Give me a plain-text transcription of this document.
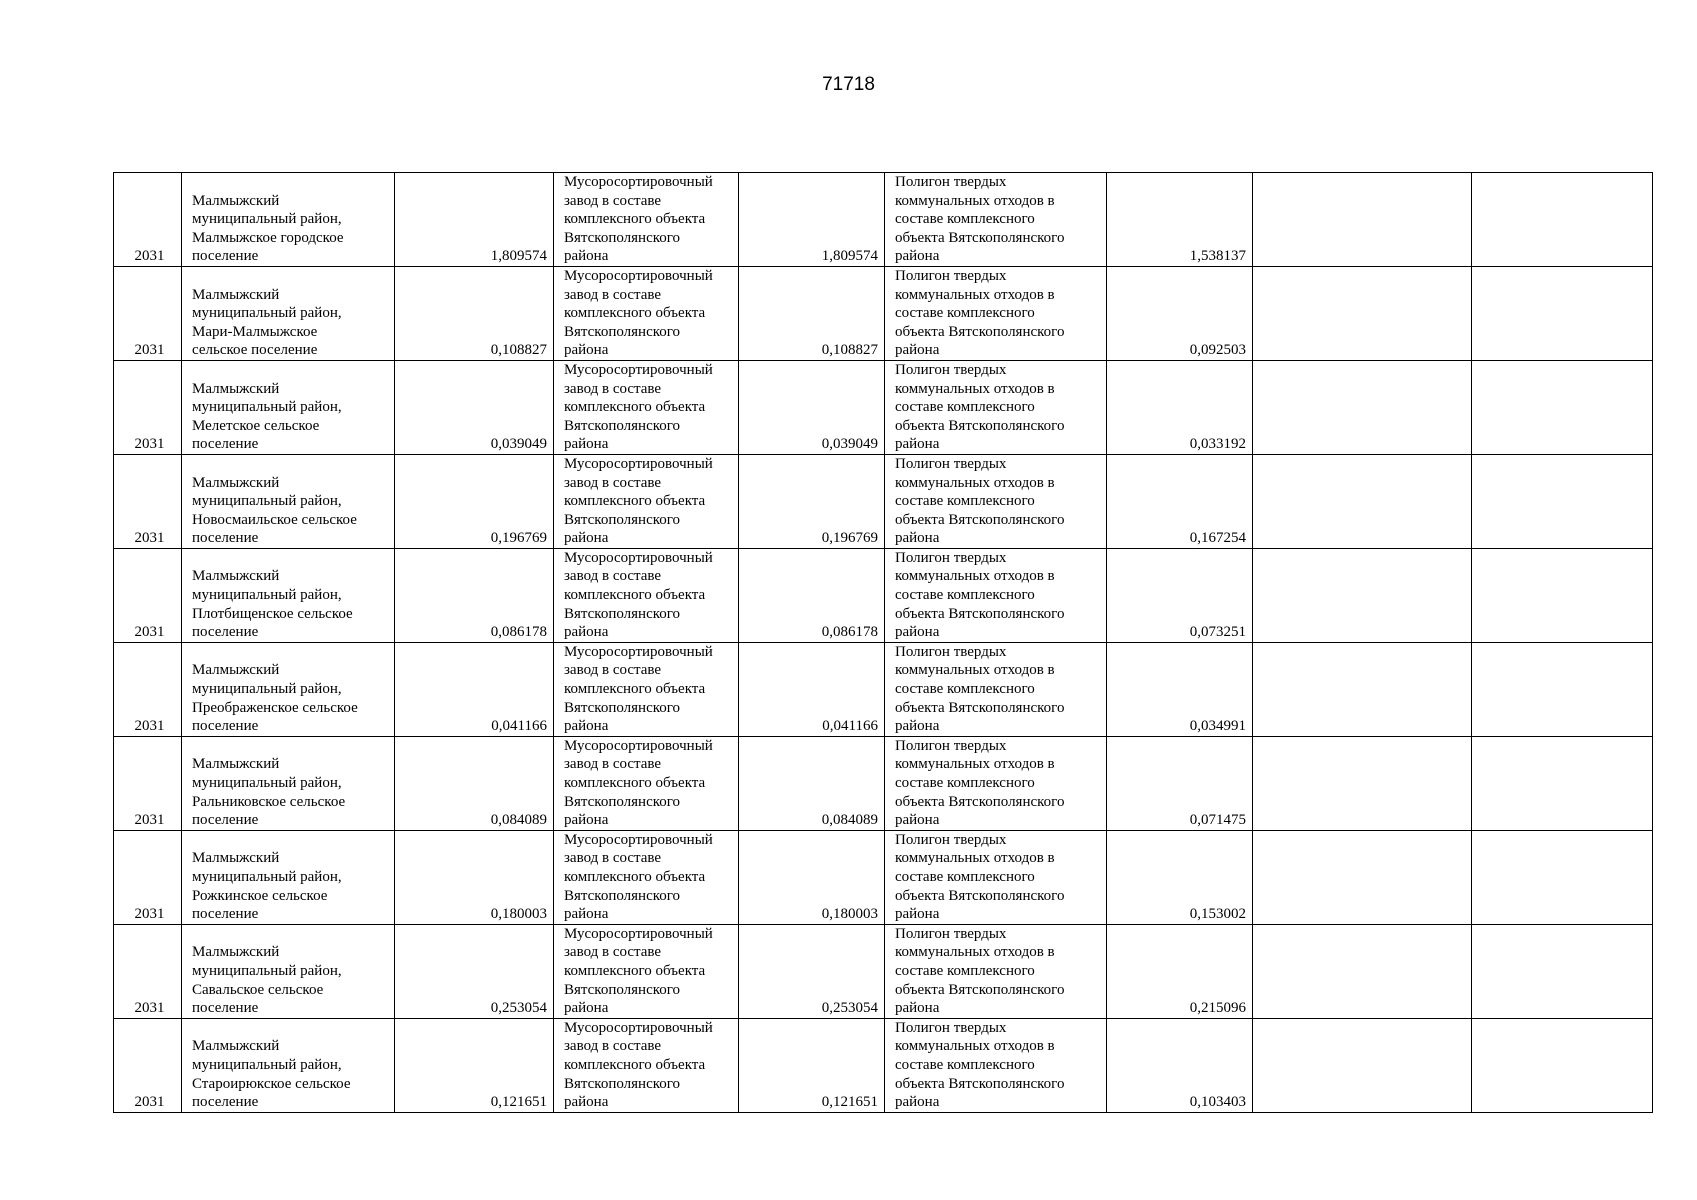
71718
2031	Малмыжский
муниципальный район,
Малмыжское городское
поселение	1,809574	Мусоросортировочный
завод в составе
комплексного объекта
Вятскополянского
района	1,809574	Полигон твердых
коммунальных отходов в
составе комплексного
объекта Вятскополянского
района	1,538137		
2031	Малмыжский
муниципальный район,
Мари-Малмыжское
сельское поселение	0,108827	Мусоросортировочный
завод в составе
комплексного объекта
Вятскополянского
района	0,108827	Полигон твердых
коммунальных отходов в
составе комплексного
объекта Вятскополянского
района	0,092503		
2031	Малмыжский
муниципальный район,
Мелетское сельское
поселение	0,039049	Мусоросортировочный
завод в составе
комплексного объекта
Вятскополянского
района	0,039049	Полигон твердых
коммунальных отходов в
составе комплексного
объекта Вятскополянского
района	0,033192		
2031	Малмыжский
муниципальный район,
Новосмаильское сельское
поселение	0,196769	Мусоросортировочный
завод в составе
комплексного объекта
Вятскополянского
района	0,196769	Полигон твердых
коммунальных отходов в
составе комплексного
объекта Вятскополянского
района	0,167254		
2031	Малмыжский
муниципальный район,
Плотбищенское сельское
поселение	0,086178	Мусоросортировочный
завод в составе
комплексного объекта
Вятскополянского
района	0,086178	Полигон твердых
коммунальных отходов в
составе комплексного
объекта Вятскополянского
района	0,073251		
2031	Малмыжский
муниципальный район,
Преображенское сельское
поселение	0,041166	Мусоросортировочный
завод в составе
комплексного объекта
Вятскополянского
района	0,041166	Полигон твердых
коммунальных отходов в
составе комплексного
объекта Вятскополянского
района	0,034991		
2031	Малмыжский
муниципальный район,
Ральниковское сельское
поселение	0,084089	Мусоросортировочный
завод в составе
комплексного объекта
Вятскополянского
района	0,084089	Полигон твердых
коммунальных отходов в
составе комплексного
объекта Вятскополянского
района	0,071475		
2031	Малмыжский
муниципальный район,
Рожкинское сельское
поселение	0,180003	Мусоросортировочный
завод в составе
комплексного объекта
Вятскополянского
района	0,180003	Полигон твердых
коммунальных отходов в
составе комплексного
объекта Вятскополянского
района	0,153002		
2031	Малмыжский
муниципальный район,
Савальское сельское
поселение	0,253054	Мусоросортировочный
завод в составе
комплексного объекта
Вятскополянского
района	0,253054	Полигон твердых
коммунальных отходов в
составе комплексного
объекта Вятскополянского
района	0,215096		
2031	Малмыжский
муниципальный район,
Староирюкское сельское
поселение	0,121651	Мусоросортировочный
завод в составе
комплексного объекта
Вятскополянского
района	0,121651	Полигон твердых
коммунальных отходов в
составе комплексного
объекта Вятскополянского
района	0,103403		
